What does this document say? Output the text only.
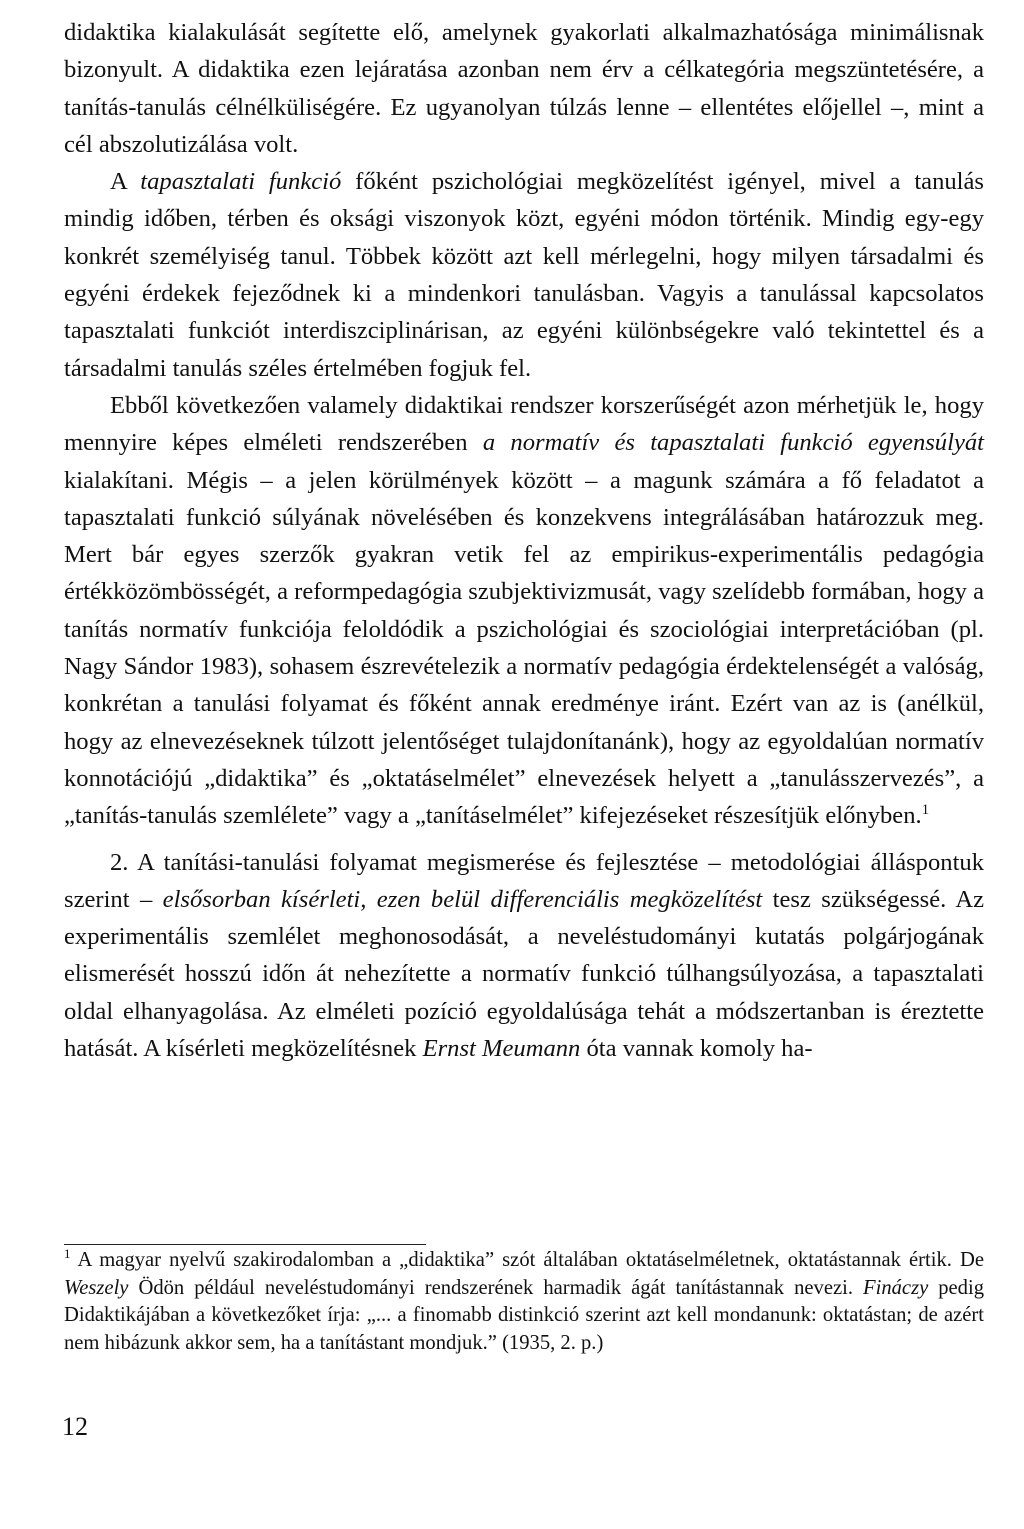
didaktika kialakulását segítette elő, amelynek gyakorlati alkalmazhatósága minimálisnak bizonyult. A didaktika ezen lejáratása azonban nem érv a célkategória megszüntetésére, a tanítás-tanulás célnélküliségére. Ez ugyanolyan túlzás lenne – ellentétes előjellel –, mint a cél abszolutizálása volt.

A tapasztalati funkció főként pszichológiai megközelítést igényel, mivel a tanulás mindig időben, térben és oksági viszonyok közt, egyéni módon történik. Mindig egy-egy konkrét személyiség tanul. Többek között azt kell mérlegelni, hogy milyen társadalmi és egyéni érdekek fejeződnek ki a mindenkori tanulásban. Vagyis a tanulással kapcsolatos tapasztalati funkciót interdiszciplinárisan, az egyéni különbségekre való tekintettel és a társadalmi tanulás széles értelmében fogjuk fel.

Ebből következően valamely didaktikai rendszer korszerűségét azon mérhetjük le, hogy mennyire képes elméleti rendszerében a normatív és tapasztalati funkció egyensúlyát kialakítani. Mégis – a jelen körülmények között – a magunk számára a fő feladatot a tapasztalati funkció súlyának növelésében és konzekvens integrálásában határozzuk meg. Mert bár egyes szerzők gyakran vetik fel az empirikus-experimentális pedagógia értékközömbösségét, a reformpedagógia szubjektivizmusát, vagy szelídebb formában, hogy a tanítás normatív funkciója feloldódik a pszichológiai és szociológiai interpretációban (pl. Nagy Sándor 1983), sohasem észrevételezik a normatív pedagógia érdektelenségét a valóság, konkrétan a tanulási folyamat és főként annak eredménye iránt. Ezért van az is (anélkül, hogy az elnevezéseknek túlzott jelentőséget tulajdonítanánk), hogy az egyoldalúan normatív konnotációjú „didaktika” és „oktatáselmélet” elnevezések helyett a „tanulásszervezés”, a „tanítás-tanulás szemlélete” vagy a „tanításelmélet” kifejezéseket részesítjük előnyben.$^1$

2. A tanítási-tanulási folyamat megismerése és fejlesztése – metodológiai álláspontuk szerint – elsősorban kísérleti, ezen belül differenciális megközelítést tesz szükségessé. Az experimentális szemlélet meghonosodását, a neveléstudományi kutatás polgárjogának elismerését hosszú időn át nehezítette a normatív funkció túlhangsúlyozása, a tapasztalati oldal elhanyagolása. Az elméleti pozíció egyoldalúsága tehát a módszertanban is éreztette hatását. A kísérleti megközelítésnek Ernst Meumann óta vannak komoly ha-

$^1$ A magyar nyelvű szakirodalomban a „didaktika” szót általában oktatáselméletnek, oktatástannak értik. De Weszely Ödön például neveléstudományi rendszerének harmadik ágát tanítástannak nevezi. Fináczy pedig Didaktikájában a következőket írja: „... a finomabb distinkció szerint azt kell mondanunk: oktatástan; de azért nem hibázunk akkor sem, ha a tanítástant mondjuk.” (1935, 2. p.)

12
